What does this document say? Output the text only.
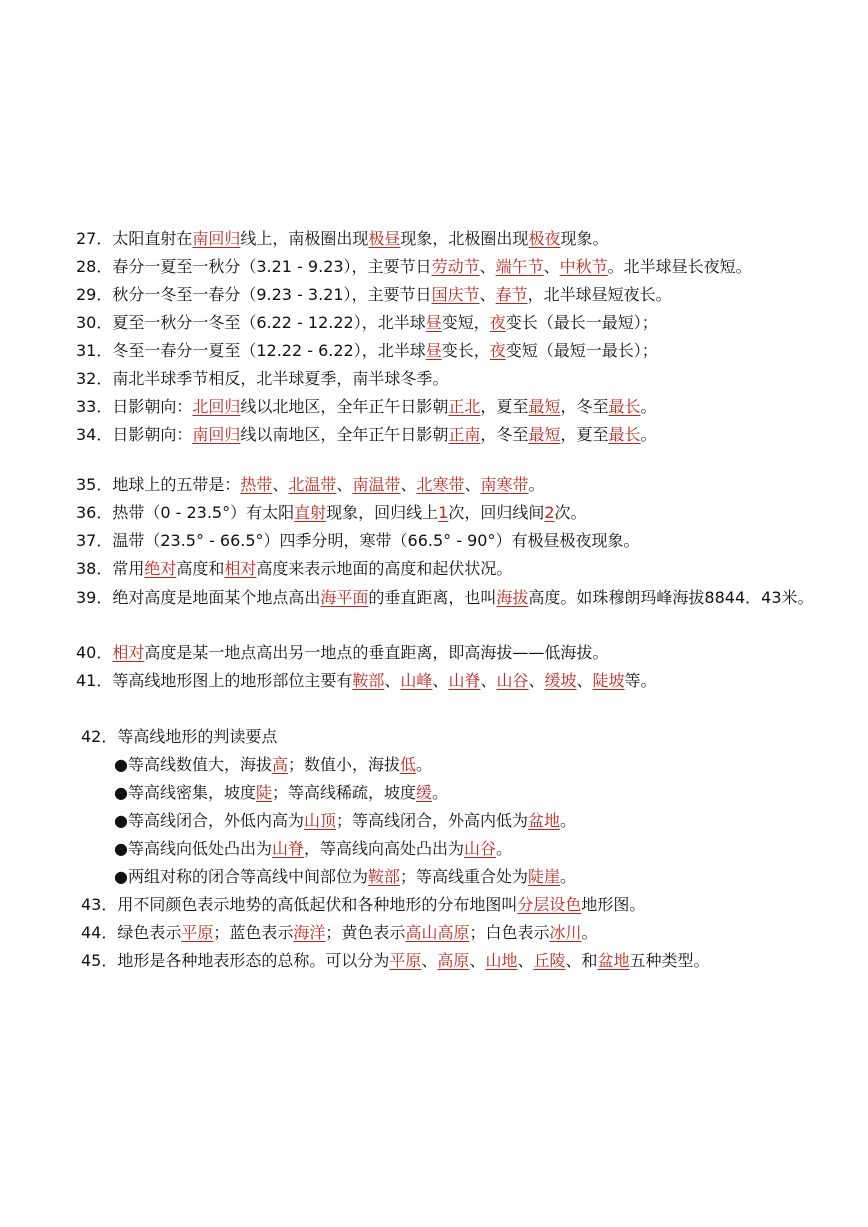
27．太阳直射在南回归线上，南极圈出现极昼现象，北极圈出现极夜现象。
28．春分一夏至一秋分（3.21 - 9.23），主要节日劳动节、端午节、中秋节。北半球昼长夜短。
29．秋分一冬至一春分（9.23 - 3.21），主要节日国庆节、春节，北半球昼短夜长。
30．夏至一秋分一冬至（6.22 - 12.22），北半球昼变短，夜变长（最长一最短）；
31．冬至一春分一夏至（12.22 - 6.22），北半球昼变长，夜变短（最短一最长）；
32．南北半球季节相反，北半球夏季，南半球冬季。
33．日影朝向：北回归线以北地区，全年正午日影朝正北，夏至最短，冬至最长。
34．日影朝向：南回归线以南地区，全年正午日影朝正南，冬至最短，夏至最长。
35．地球上的五带是：热带、北温带、南温带、北寒带、南寒带。
36．热带（0 - 23.5°）有太阳直射现象，回归线上1次，回归线间2次。
37．温带（23.5° - 66.5°）四季分明，寒带（66.5° - 90°）有极昼极夜现象。
38．常用绝对高度和相对高度来表示地面的高度和起伏状况。
39．绝对高度是地面某个地点高出海平面的垂直距离，也叫海拔高度。如珠穆朗玛峰海拔8844．43米。
40．相对高度是某一地点高出另一地点的垂直距离，即高海拔——低海拔。
41．等高线地形图上的地形部位主要有鞍部、山峰、山脊、山谷、缓坡、陡坡等。
42．等高线地形的判读要点
●等高线数值大，海拔高；数值小，海拔低。
●等高线密集，坡度陡；等高线稀疏，坡度缓。
●等高线闭合，外低内高为山顶；等高线闭合，外高内低为盆地。
●等高线向低处凸出为山脊，等高线向高处凸出为山谷。
●两组对称的闭合等高线中间部位为鞍部；等高线重合处为陡崖。
43．用不同颜色表示地势的高低起伏和各种地形的分布地图叫分层设色地形图。
44．绿色表示平原；蓝色表示海洋；黄色表示高山高原；白色表示冰川。
45．地形是各种地表形态的总称。可以分为平原、高原、山地、丘陵、和盆地五种类型。
